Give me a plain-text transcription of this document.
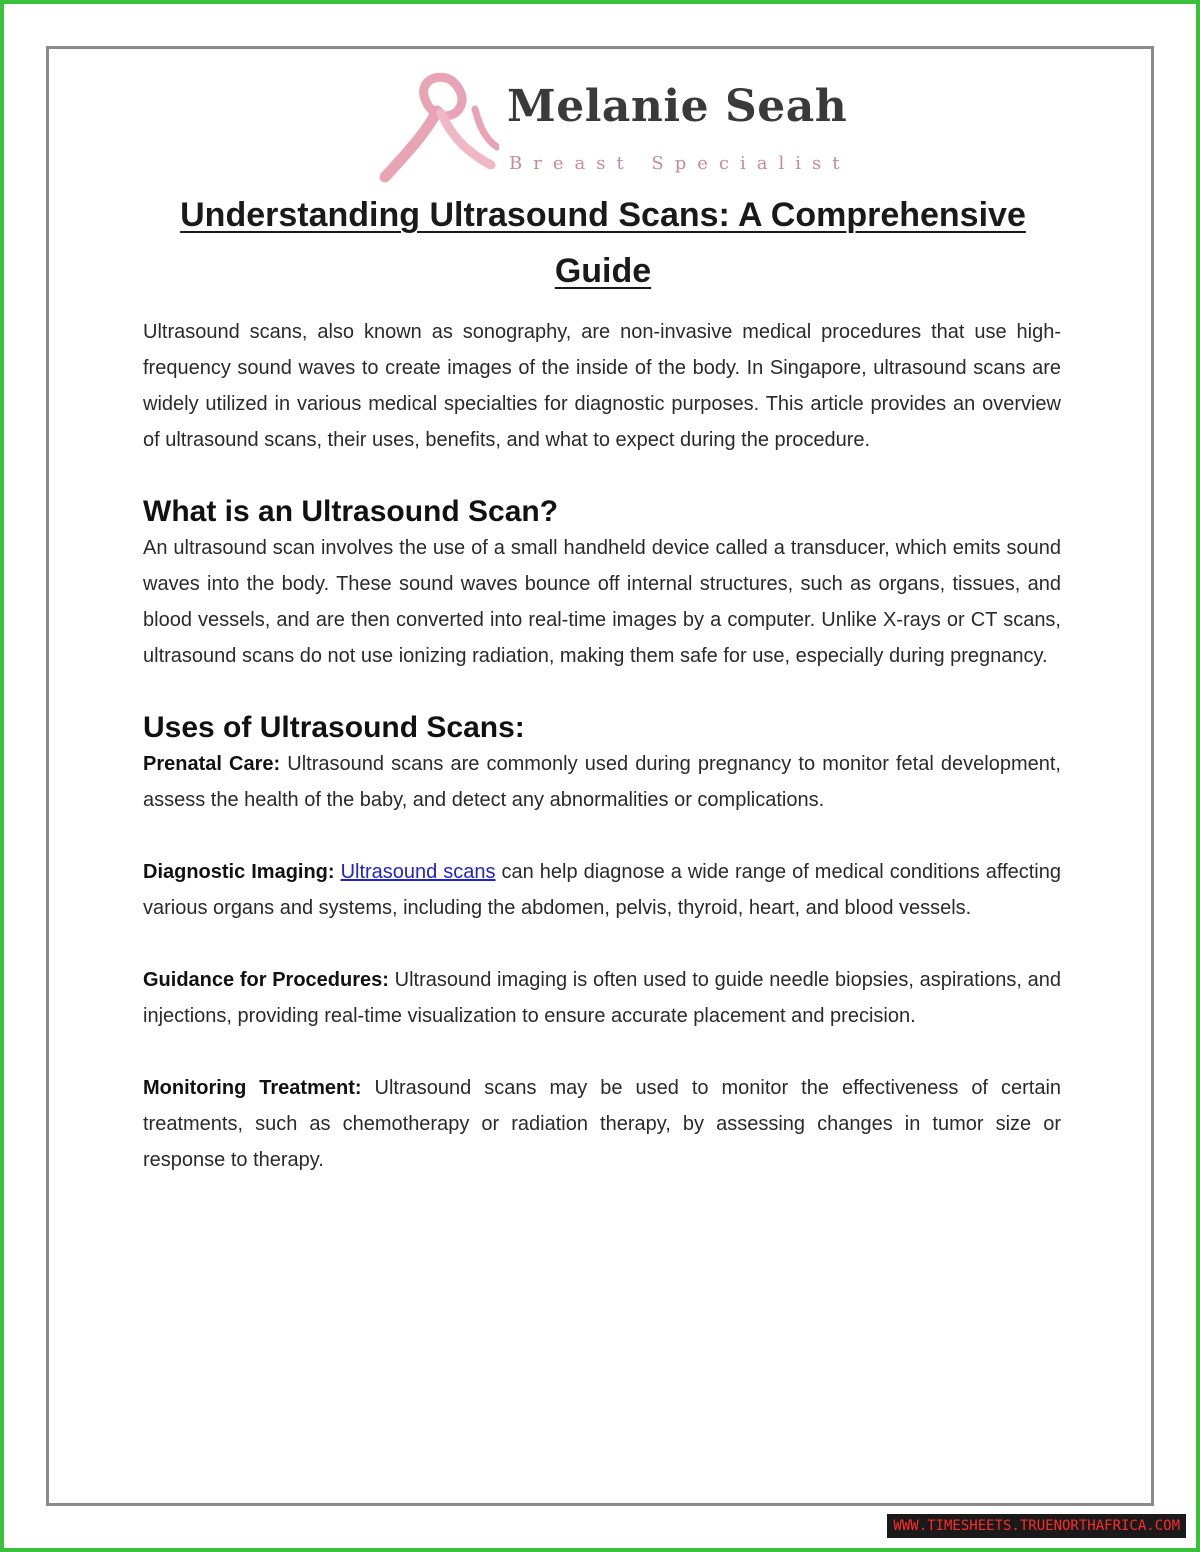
Melanie Seah
Breast Specialist
Understanding Ultrasound Scans: A Comprehensive
Guide

Ultrasound scans, also known as sonography, are non-invasive medical procedures that use high-frequency sound waves to create images of the inside of the body. In Singapore, ultrasound scans are widely utilized in various medical specialties for diagnostic purposes. This article provides an overview of ultrasound scans, their uses, benefits, and what to expect during the procedure.

What is an Ultrasound Scan?

An ultrasound scan involves the use of a small handheld device called a transducer, which emits sound waves into the body. These sound waves bounce off internal structures, such as organs, tissues, and blood vessels, and are then converted into real-time images by a computer. Unlike X-rays or CT scans, ultrasound scans do not use ionizing radiation, making them safe for use, especially during pregnancy.

Uses of Ultrasound Scans:

Prenatal Care: Ultrasound scans are commonly used during pregnancy to monitor fetal development, assess the health of the baby, and detect any abnormalities or complications.

Diagnostic Imaging: Ultrasound scans can help diagnose a wide range of medical conditions affecting various organs and systems, including the abdomen, pelvis, thyroid, heart, and blood vessels.

Guidance for Procedures: Ultrasound imaging is often used to guide needle biopsies, aspirations, and injections, providing real-time visualization to ensure accurate placement and precision.

Monitoring Treatment: Ultrasound scans may be used to monitor the effectiveness of certain treatments, such as chemotherapy or radiation therapy, by assessing changes in tumor size or response to therapy.

WWW.TIMESHEETS.TRUENORTHAFRICA.COM
